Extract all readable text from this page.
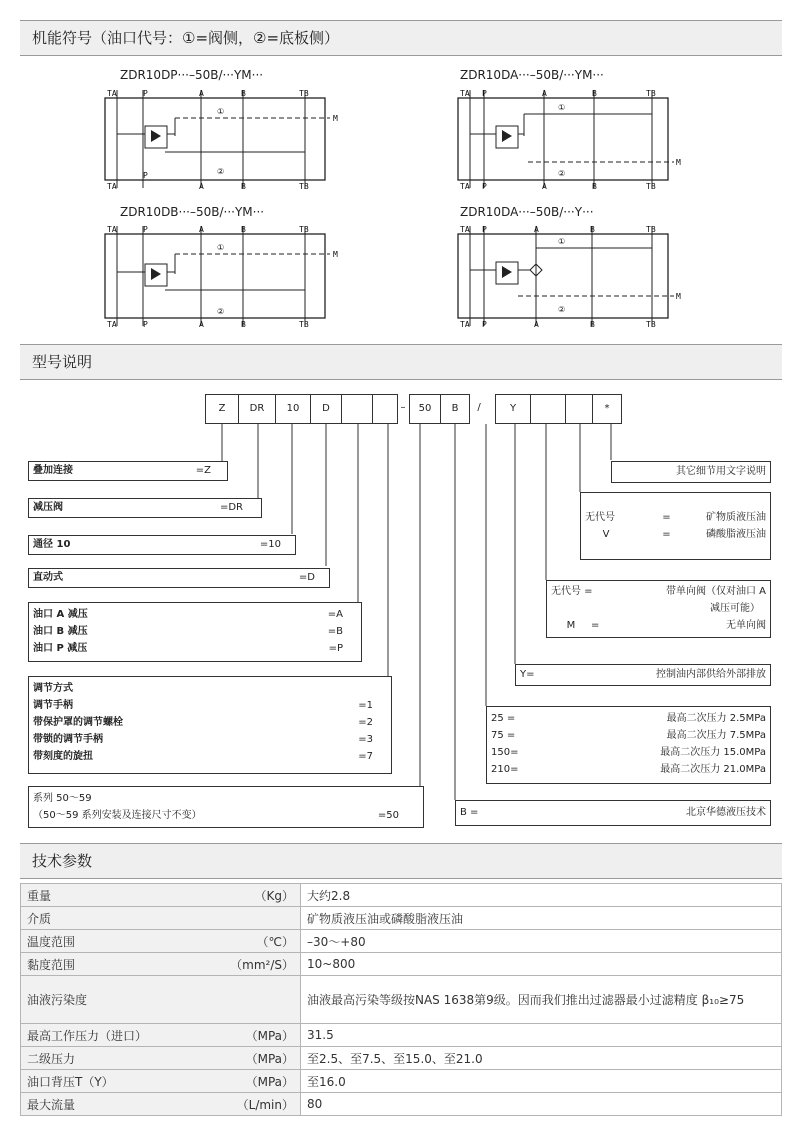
机能符号（油口代号：①=阀侧，②=底板侧）
ZDR10DP···–50B/···YM···
TA	P	A	B	TB
TA
P
A	B	TB
M
①
②
ZDR10DA···–50B/···YM···
TA P	A	B	TB
TA P	A	B	TB
M
①
②
ZDR10DB···–50B/···YM···
TA	P	A	B	TB
TA	P	A	B	TB
M
①
②
ZDR10DA···–50B/···Y···
TA P	A	B	TB
TA P	A	B	TB
M
①
②
型号说明
Z	DR	10	D	–	50	B	/	Y	*
叠加连接	=Z
减压阀	=DR
通径 10	=10
直动式	=D
油口 A 减压	=A
油口 B 减压	=B
油口 P 减压	=P
调节方式
调节手柄	=1
带保护罩的调节螺栓	=2
带锁的调节手柄	=3
带刻度的旋扭	=7
系列 50～59
（50～59 系列安装及连接尺寸不变）	=50
其它细节用文字说明
无代号	=	矿物质液压油
V	=	磷酸脂液压油
无代号 =	带单向阀（仅对油口 A
减压可能）
M	=	无单向阀
Y=	控制油内部供给外部排放
25 =	最高二次压力 2.5MPa
75 =	最高二次压力 7.5MPa
150=	最高二次压力 15.0MPa
210=	最高二次压力 21.0MPa
B =	北京华德液压技术
技术参数
重量 （Kg）	大约2.8

介质	矿物质液压油或磷酸脂液压油

温度范围 （℃）	–30～+80

黏度范围 （mm²/S）	10~800

油液污染度	油液最高污染等级按NAS 1638第9级。因而我们推出过滤器最小过滤精度 β₁₀≥75

最高工作压力（进口） （MPa）	31.5

二级压力 （MPa）	至2.5、至7.5、至15.0、至21.0

油口背压T（Y） （MPa）	至16.0

最大流量 （L/min）	80
